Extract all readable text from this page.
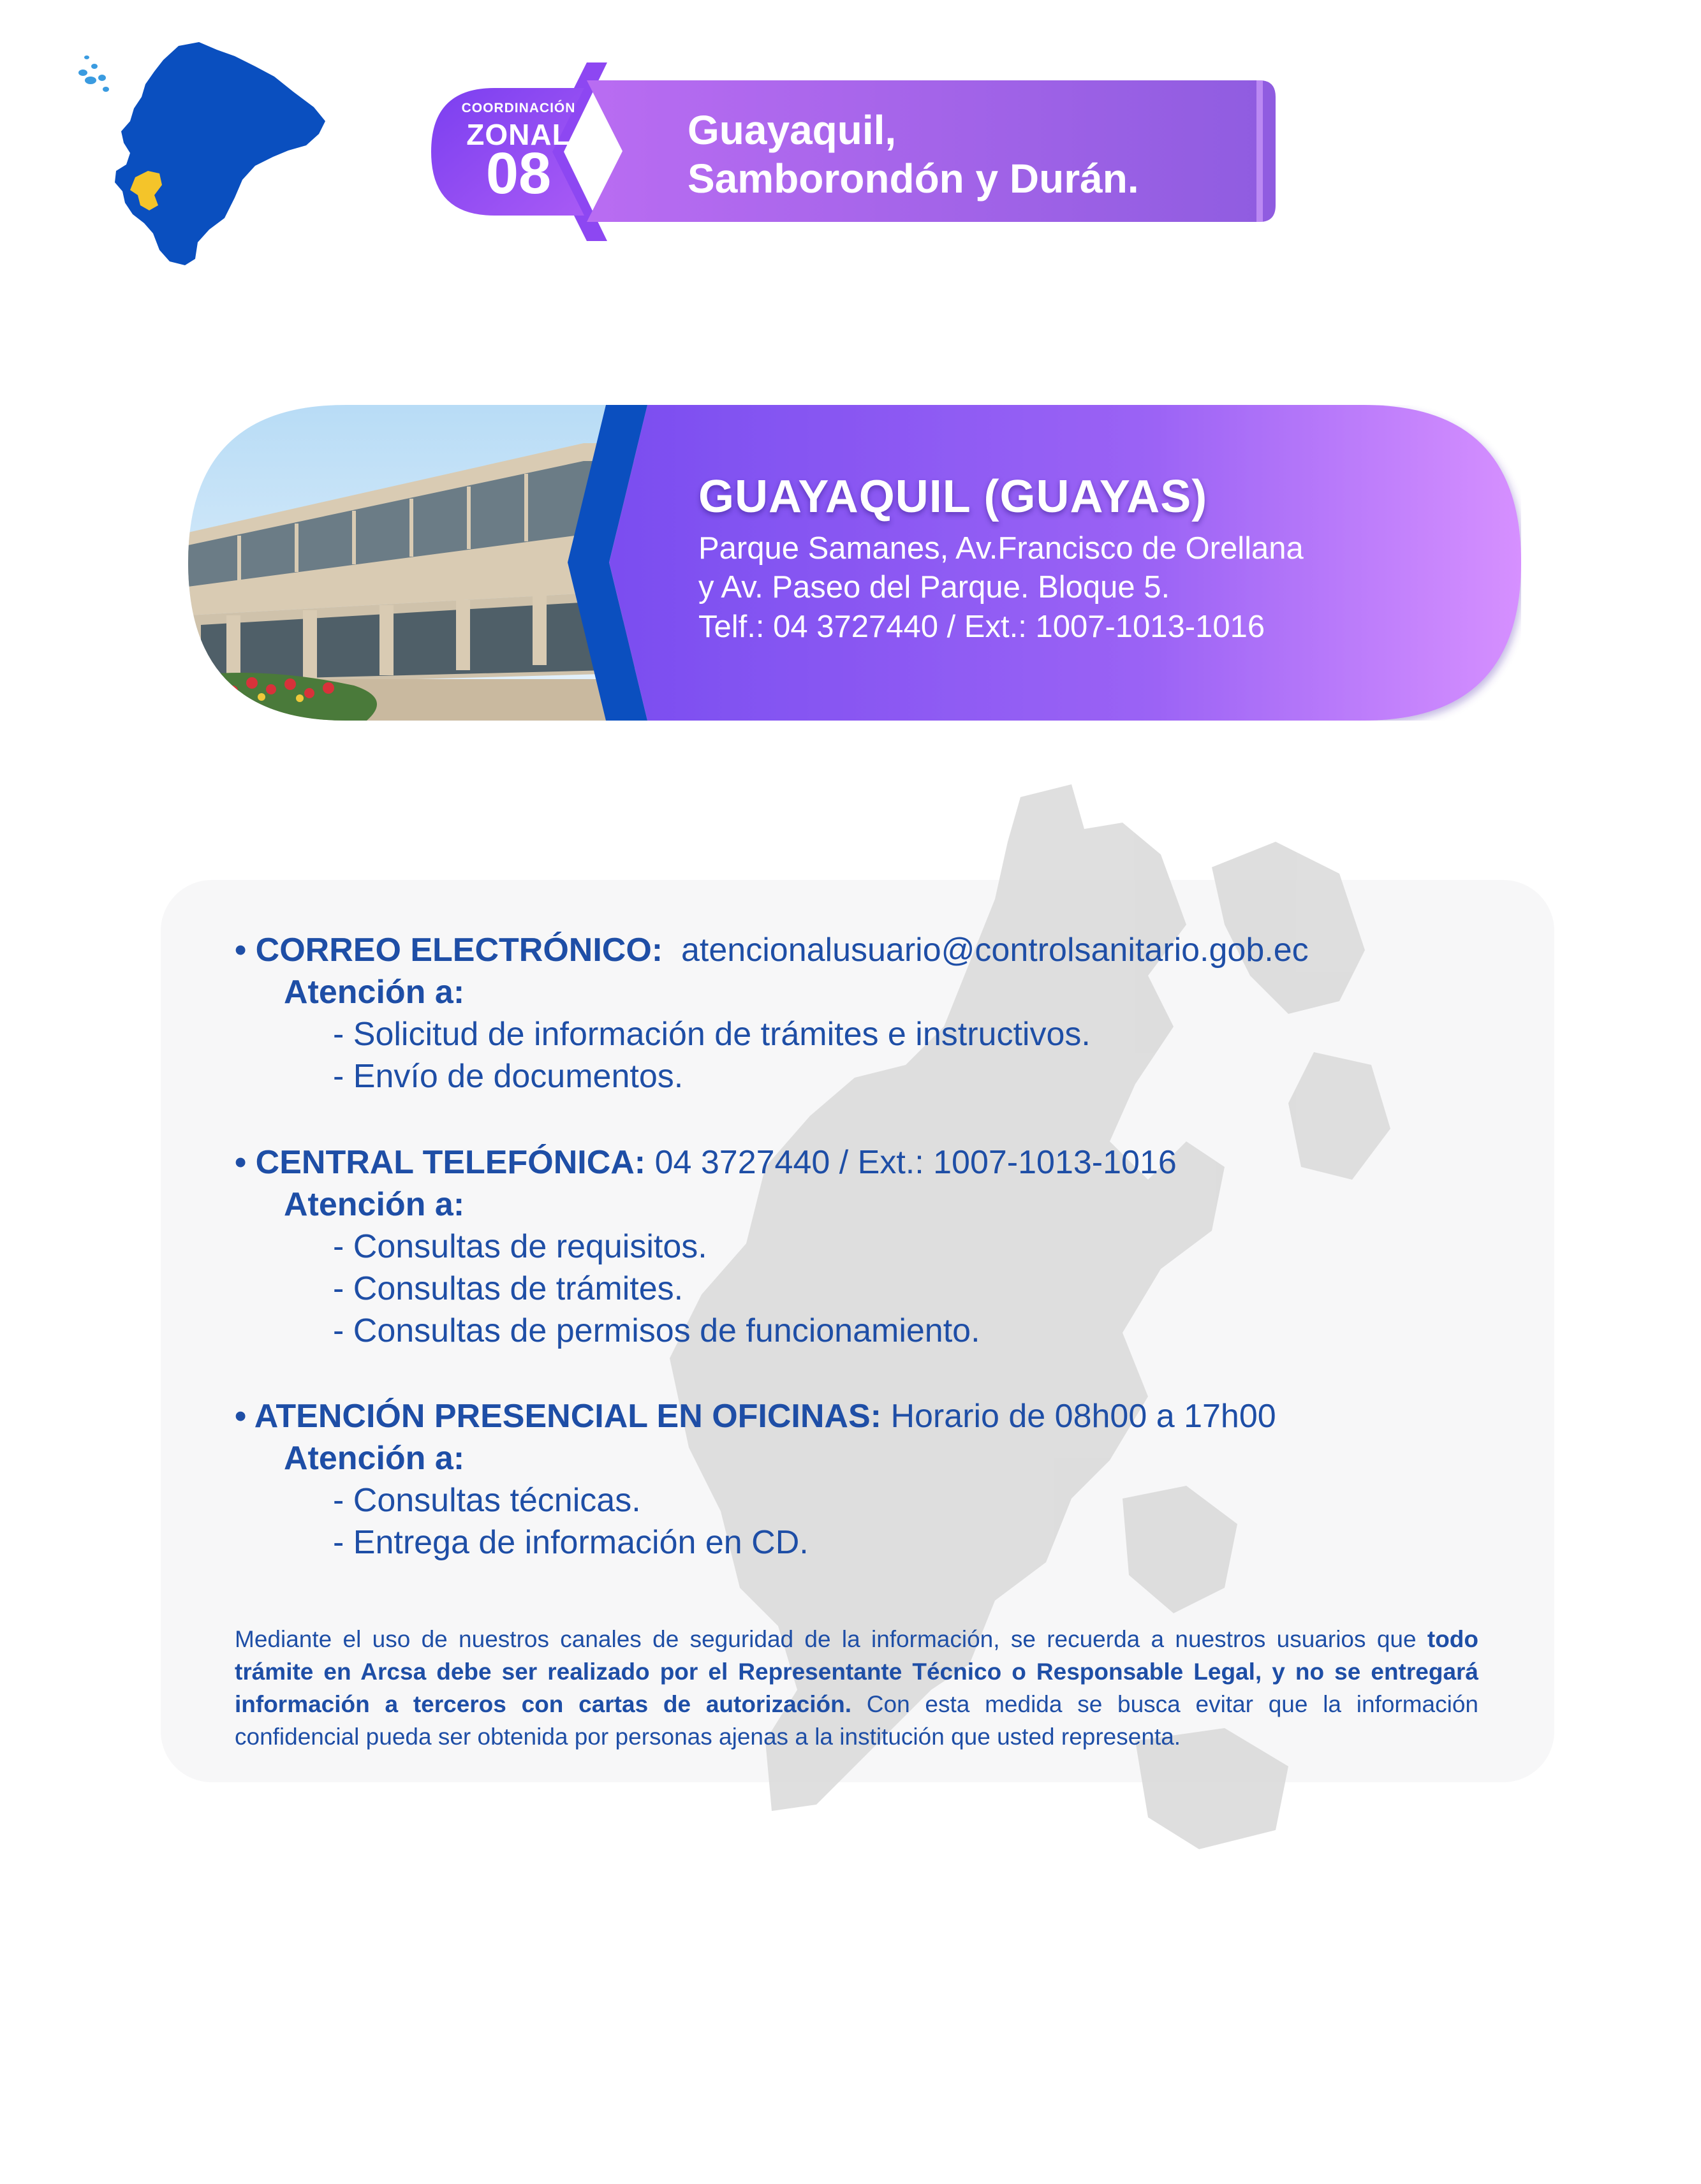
COORDINACIÓN
ZONAL
08
Guayaquil,
Samborondón y Durán.
GUAYAQUIL (GUAYAS)
Parque Samanes, Av.Francisco de Orellana
y Av. Paseo del Parque. Bloque 5.
Telf.: 04 3727440 / Ext.: 1007-1013-1016
• CORREO ELECTRÓNICO: atencionalusuario@controlsanitario.gob.ec
Atención a:
- Solicitud de información de trámites e instructivos.
- Envío de documentos.
• CENTRAL TELEFÓNICA: 04 3727440 / Ext.: 1007-1013-1016
Atención a:
- Consultas de requisitos.
- Consultas de trámites.
- Consultas de permisos de funcionamiento.
• ATENCIÓN PRESENCIAL EN OFICINAS: Horario de 08h00 a 17h00
Atención a:
- Consultas técnicas.
- Entrega de información en CD.
Mediante el uso de nuestros canales de seguridad de la información, se recuerda a nuestros usuarios que todo trámite en Arcsa debe ser realizado por el Representante Técnico o Responsable Legal, y no se entregará información a terceros con cartas de autorización. Con esta medida se busca evitar que la información confidencial pueda ser obtenida por personas ajenas a la institución que usted representa.
